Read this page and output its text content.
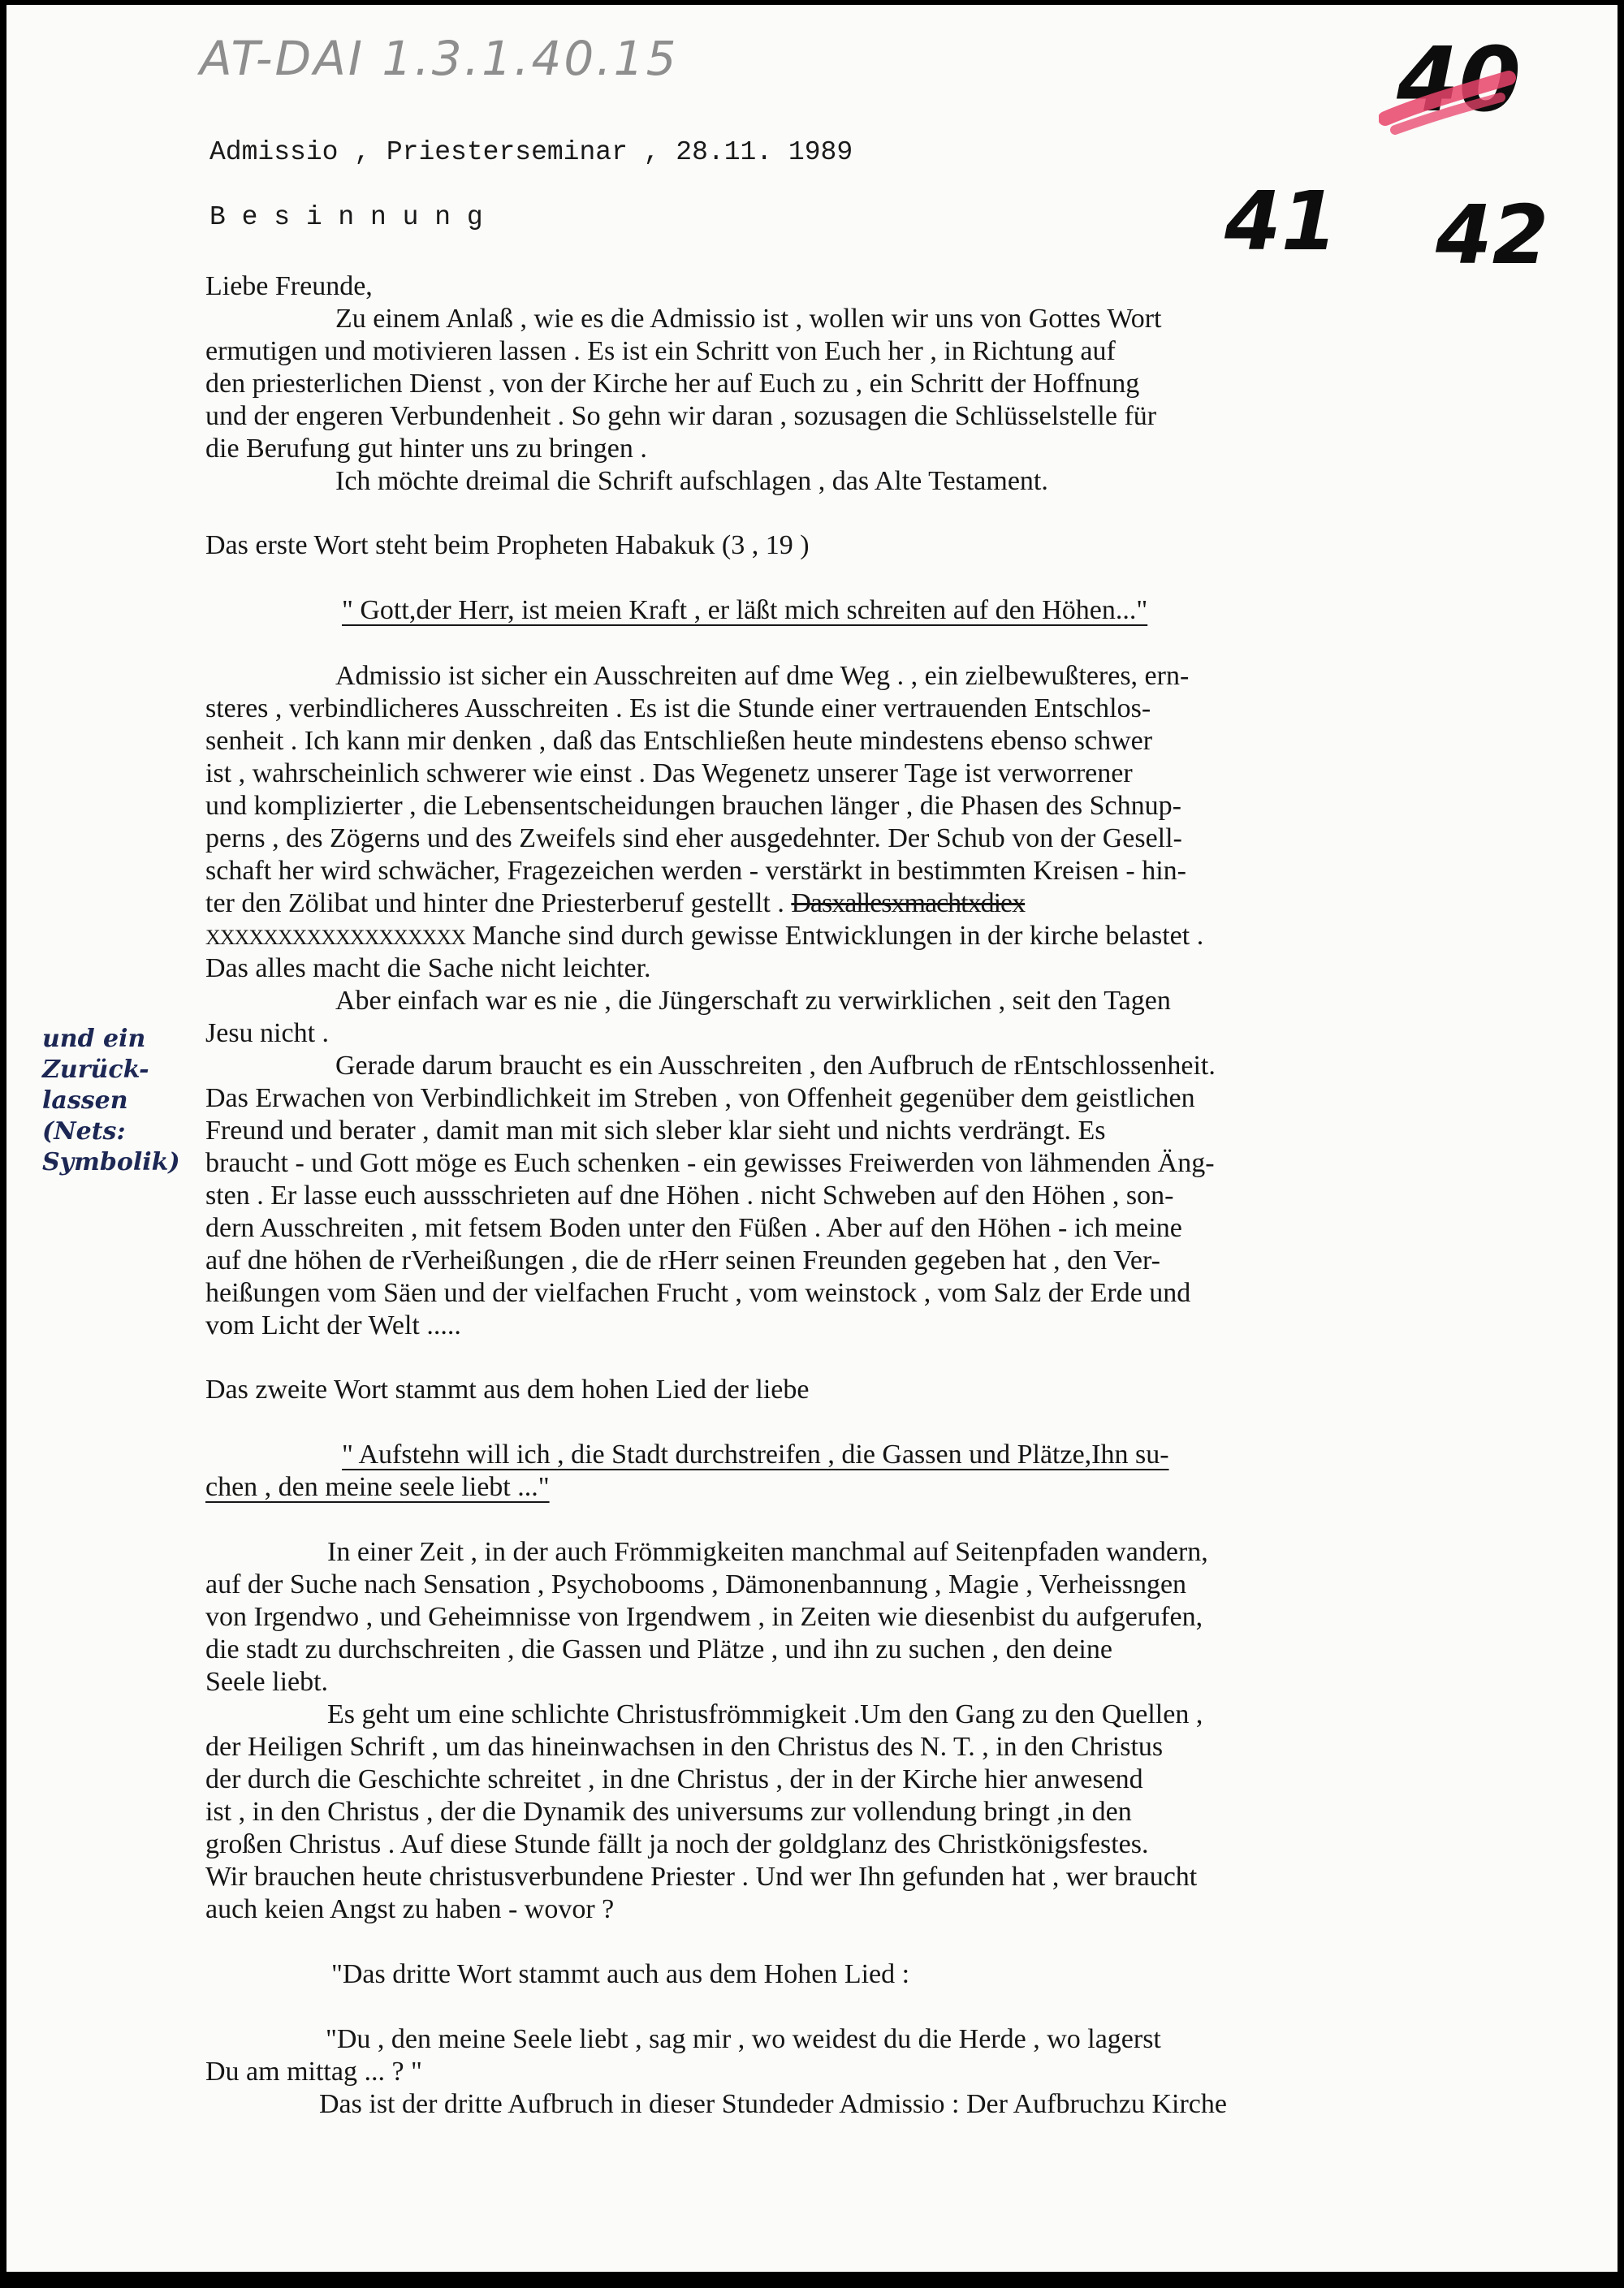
AT-DAI 1.3.1.40.15	40
41 42
Admissio , Priesterseminar , 28.11. 1989
B e s i n n u n g
und ein
Zurück-
lassen
(Nets:
Symbolik)
Liebe Freunde,
Zu einem Anlaß , wie es die Admissio ist , wollen wir uns von Gottes Wort
ermutigen und motivieren lassen . Es ist ein Schritt von Euch her , in Richtung auf
den priesterlichen Dienst , von der Kirche her auf Euch zu , ein Schritt der Hoffnung
und der engeren Verbundenheit . So gehn wir daran , sozusagen die Schlüsselstelle für
die Berufung gut hinter uns zu bringen .
Ich möchte dreimal die Schrift aufschlagen , das Alte Testament.
Das erste Wort steht beim Propheten Habakuk (3 , 19 )
" Gott,der Herr, ist meien Kraft , er läßt mich schreiten auf den Höhen..."
Admissio ist sicher ein Ausschreiten auf dme Weg . , ein zielbewußteres, ern-
steres , verbindlicheres Ausschreiten . Es ist die Stunde einer vertrauenden Entschlos-
senheit . Ich kann mir denken , daß das Entschließen heute mindestens ebenso schwer
ist , wahrscheinlich schwerer wie einst . Das Wegenetz unserer Tage ist verworrener
und komplizierter , die Lebensentscheidungen brauchen länger , die Phasen des Schnup-
perns , des Zögerns und des Zweifels sind eher ausgedehnter. Der Schub von der Gesell-
schaft her wird schwächer, Fragezeichen werden - verstärkt in bestimmten Kreisen - hin-
ter den Zölibat und hinter dne Priesterberuf gestellt . Dasxallesxmachtxdiex
XXXXXXXXXXXXXXXXXX Manche sind durch gewisse Entwicklungen in der kirche belastet .
Das alles macht die Sache nicht leichter.
Aber einfach war es nie , die Jüngerschaft zu verwirklichen , seit den Tagen
Jesu nicht .
Gerade darum braucht es ein Ausschreiten , den Aufbruch de rEntschlossenheit.
Das Erwachen von Verbindlichkeit im Streben , von Offenheit gegenüber dem geistlichen
Freund und berater , damit man mit sich sleber klar sieht und nichts verdrängt. Es
braucht - und Gott möge es Euch schenken - ein gewisses Freiwerden von lähmenden Äng-
sten . Er lasse euch aussschrieten auf dne Höhen . nicht Schweben auf den Höhen , son-
dern Ausschreiten , mit fetsem Boden unter den Füßen . Aber auf den Höhen - ich meine
auf dne höhen de rVerheißungen , die de rHerr seinen Freunden gegeben hat , den Ver-
heißungen vom Säen und der vielfachen Frucht , vom weinstock , vom Salz der Erde und
vom Licht der Welt .....
Das zweite Wort stammt aus dem hohen Lied der liebe
" Aufstehn will ich , die Stadt durchstreifen , die Gassen und Plätze,Ihn su-
chen , den meine seele liebt ..."
In einer Zeit , in der auch Frömmigkeiten manchmal auf Seitenpfaden wandern,
auf der Suche nach Sensation , Psychobooms , Dämonenbannung , Magie , Verheissngen
von Irgendwo , und Geheimnisse von Irgendwem , in Zeiten wie diesenbist du aufgerufen,
die stadt zu durchschreiten , die Gassen und Plätze , und ihn zu suchen , den deine
Seele liebt.
Es geht um eine schlichte Christusfrömmigkeit .Um den Gang zu den Quellen ,
der Heiligen Schrift , um das hineinwachsen in den Christus des N. T. , in den Christus
der durch die Geschichte schreitet , in dne Christus , der in der Kirche hier anwesend
ist , in den Christus , der die Dynamik des universums zur vollendung bringt ,in den
großen Christus . Auf diese Stunde fällt ja noch der goldglanz des Christkönigsfestes.
Wir brauchen heute christusverbundene Priester . Und wer Ihn gefunden hat , wer braucht
auch keien Angst zu haben - wovor ?
"Das dritte Wort stammt auch aus dem Hohen Lied :
"Du , den meine Seele liebt , sag mir , wo weidest du die Herde , wo lagerst
Du am mittag ... ? "
Das ist der dritte Aufbruch in dieser Stundeder Admissio : Der Aufbruchzu Kirche
